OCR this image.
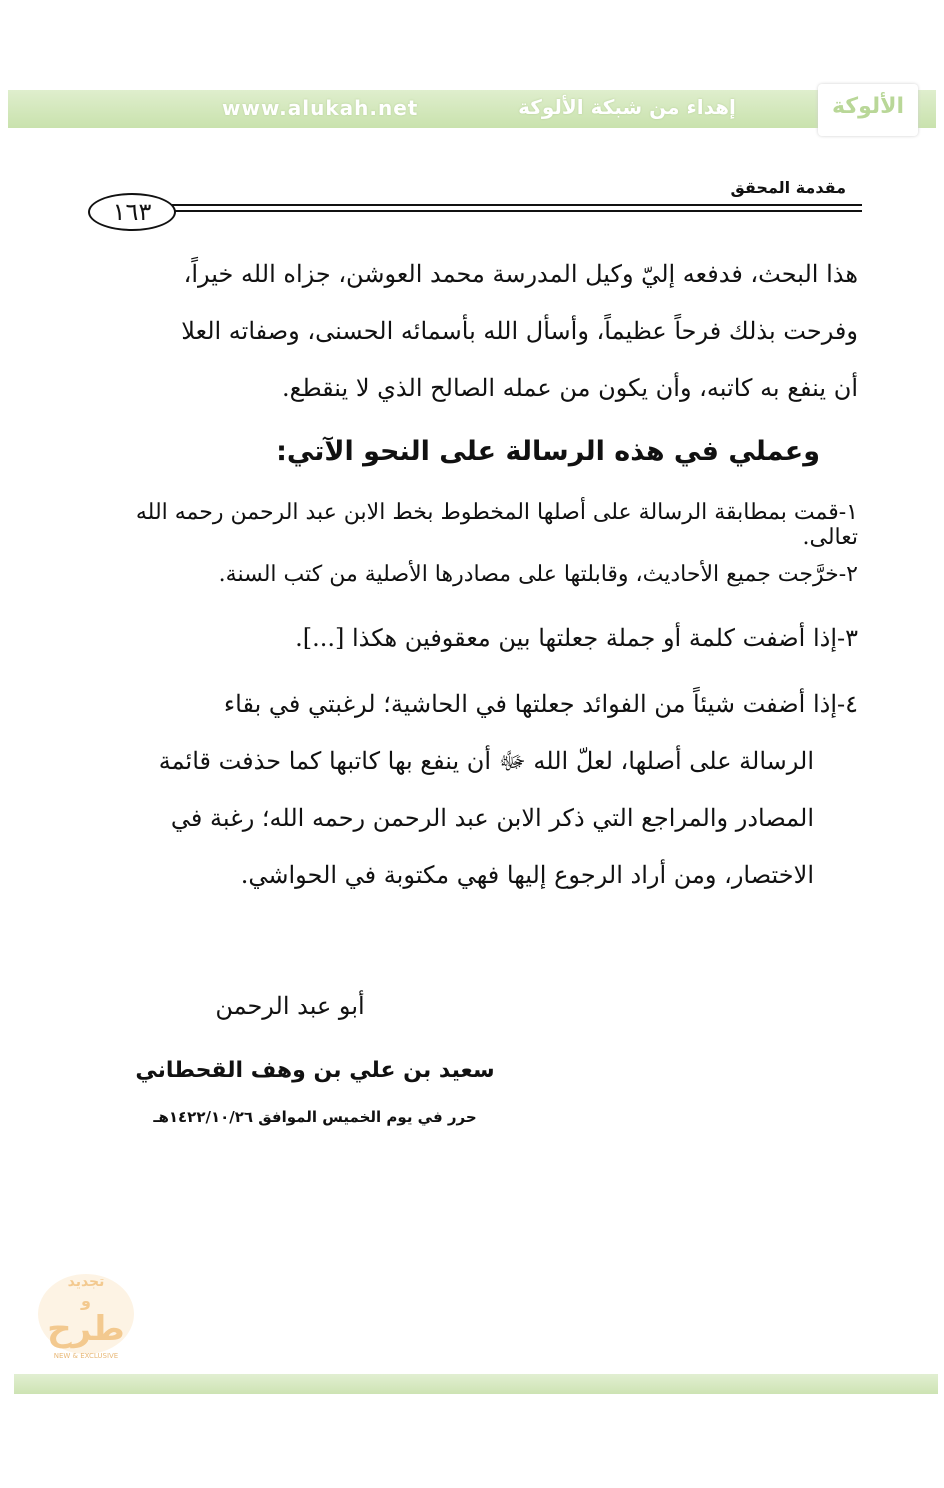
www.alukah.net	إهداء من شبكة الألوكة	الألوكة
مقدمة المحقق
١٦٣
هذا البحث، فدفعه إليّ وكيل المدرسة محمد العوشن، جزاه الله خيراً،
وفرحت بذلك فرحاً عظيماً، وأسأل الله بأسمائه الحسنى، وصفاته العلا
أن ينفع به كاتبه، وأن يكون من عمله الصالح الذي لا ينقطع.
وعملي في هذه الرسالة على النحو الآتي:
١-قمت بمطابقة الرسالة على أصلها المخطوط بخط الابن عبد الرحمن رحمه الله تعالى.
٢-خرَّجت جميع الأحاديث، وقابلتها على مصادرها الأصلية من كتب السنة.
٣-إذا أضفت كلمة أو جملة جعلتها بين معقوفين هكذا [...].
٤-إذا أضفت شيئاً من الفوائد جعلتها في الحاشية؛ لرغبتي في بقاء
الرسالة على أصلها، لعلّ الله ﷻ أن ينفع بها كاتبها كما حذفت قائمة
المصادر والمراجع التي ذكر الابن عبد الرحمن رحمه الله؛ رغبة في
الاختصار، ومن أراد الرجوع إليها فهي مكتوبة في الحواشي.
أبو عبد الرحمن
سعيد بن علي بن وهف القحطاني
حرر في يوم الخميس الموافق ١٤٢٢/١٠/٢٦هـ
تجديد
و
طرح
NEW & EXCLUSIVE
